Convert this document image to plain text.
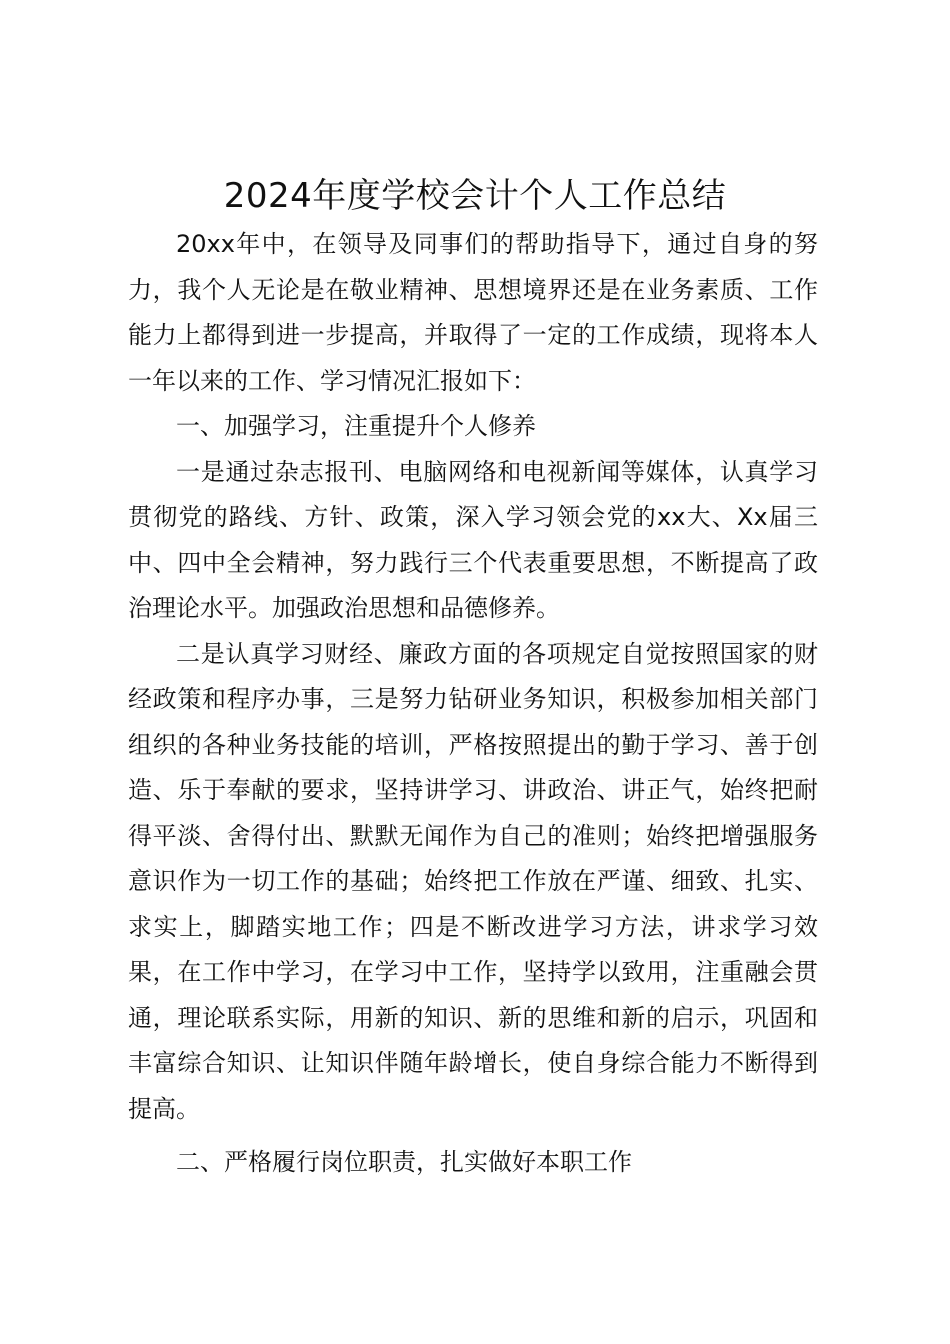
2024年度学校会计个人工作总结

20xx年中，在领导及同事们的帮助指导下，通过自身的努力，我个人无论是在敬业精神、思想境界还是在业务素质、工作能力上都得到进一步提高，并取得了一定的工作成绩，现将本人一年以来的工作、学习情况汇报如下：

一、加强学习，注重提升个人修养

一是通过杂志报刊、电脑网络和电视新闻等媒体，认真学习贯彻党的路线、方针、政策，深入学习领会党的xx大、Xx届三中、四中全会精神，努力践行三个代表重要思想，不断提高了政治理论水平。加强政治思想和品德修养。

二是认真学习财经、廉政方面的各项规定自觉按照国家的财经政策和程序办事，三是努力钻研业务知识，积极参加相关部门组织的各种业务技能的培训，严格按照提出的勤于学习、善于创造、乐于奉献的要求，坚持讲学习、讲政治、讲正气，始终把耐得平淡、舍得付出、默默无闻作为自己的准则；始终把增强服务意识作为一切工作的基础；始终把工作放在严谨、细致、扎实、求实上，脚踏实地工作；四是不断改进学习方法，讲求学习效果，在工作中学习，在学习中工作，坚持学以致用，注重融会贯通，理论联系实际，用新的知识、新的思维和新的启示，巩固和丰富综合知识、让知识伴随年龄增长，使自身综合能力不断得到提高。

二、严格履行岗位职责，扎实做好本职工作
